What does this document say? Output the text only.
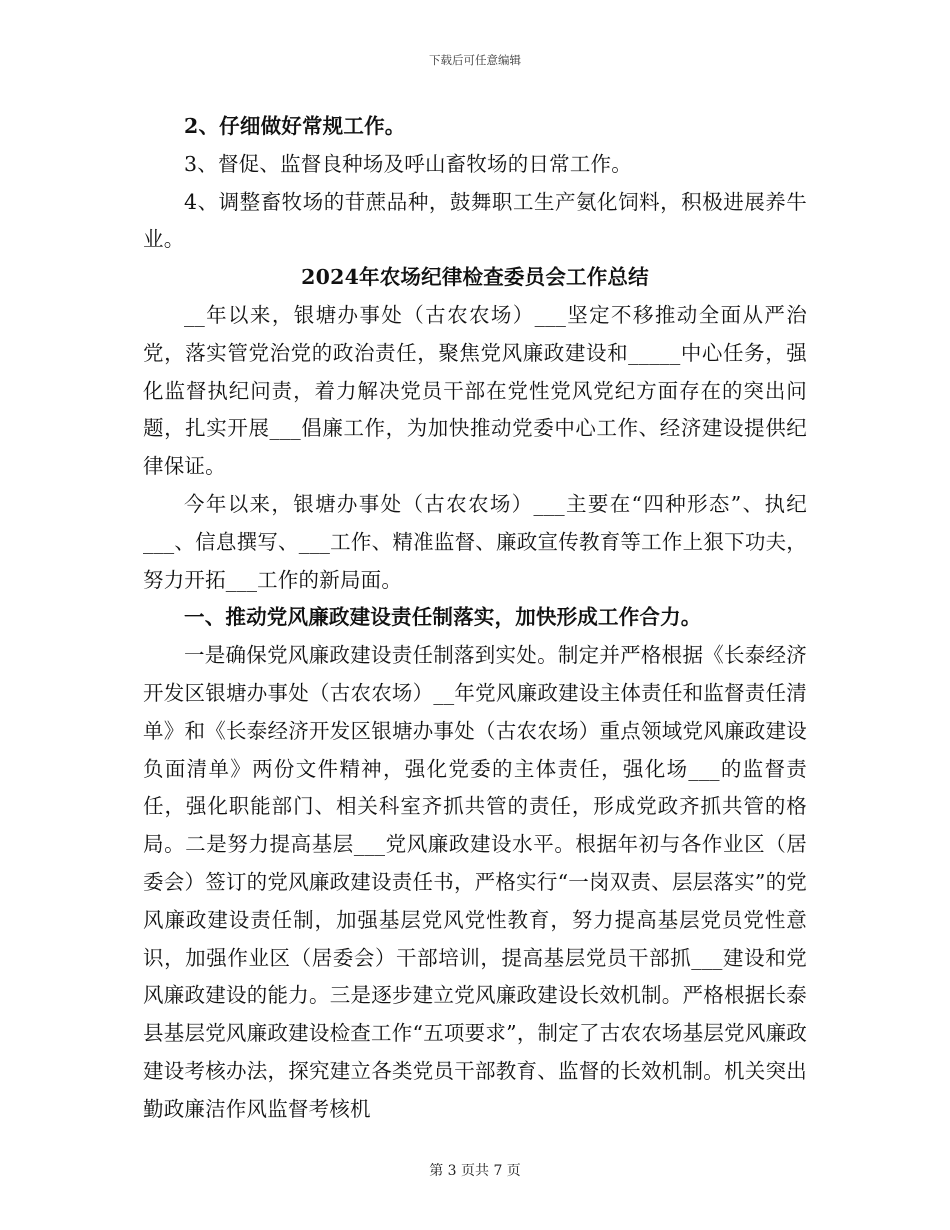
下载后可任意编辑

2、仔细做好常规工作。

3、督促、监督良种场及呼山畜牧场的日常工作。

4、调整畜牧场的苷蔗品种，鼓舞职工生产氨化饲料，积极进展养牛业。

2024年农场纪律检查委员会工作总结

__年以来，银塘办事处（古农农场）___坚定不移推动全面从严治党，落实管党治党的政治责任，聚焦党风廉政建设和_____中心任务，强化监督执纪问责，着力解决党员干部在党性党风党纪方面存在的突出问题，扎实开展___倡廉工作，为加快推动党委中心工作、经济建设提供纪律保证。

今年以来，银塘办事处（古农农场）___主要在“四种形态”、执纪___、信息撰写、___工作、精准监督、廉政宣传教育等工作上狠下功夫，努力开拓___工作的新局面。

一、推动党风廉政建设责任制落实，加快形成工作合力。

一是确保党风廉政建设责任制落到实处。制定并严格根据《长泰经济开发区银塘办事处（古农农场）__年党风廉政建设主体责任和监督责任清单》和《长泰经济开发区银塘办事处（古农农场）重点领域党风廉政建设负面清单》两份文件精神，强化党委的主体责任，强化场___的监督责任，强化职能部门、相关科室齐抓共管的责任，形成党政齐抓共管的格局。二是努力提高基层___党风廉政建设水平。根据年初与各作业区（居委会）签订的党风廉政建设责任书，严格实行“一岗双责、层层落实”的党风廉政建设责任制，加强基层党风党性教育，努力提高基层党员党性意识，加强作业区（居委会）干部培训，提高基层党员干部抓___建设和党风廉政建设的能力。三是逐步建立党风廉政建设长效机制。严格根据长泰县基层党风廉政建设检查工作“五项要求”，制定了古农农场基层党风廉政建设考核办法，探究建立各类党员干部教育、监督的长效机制。机关突出勤政廉洁作风监督考核机

第 3 页共 7 页
